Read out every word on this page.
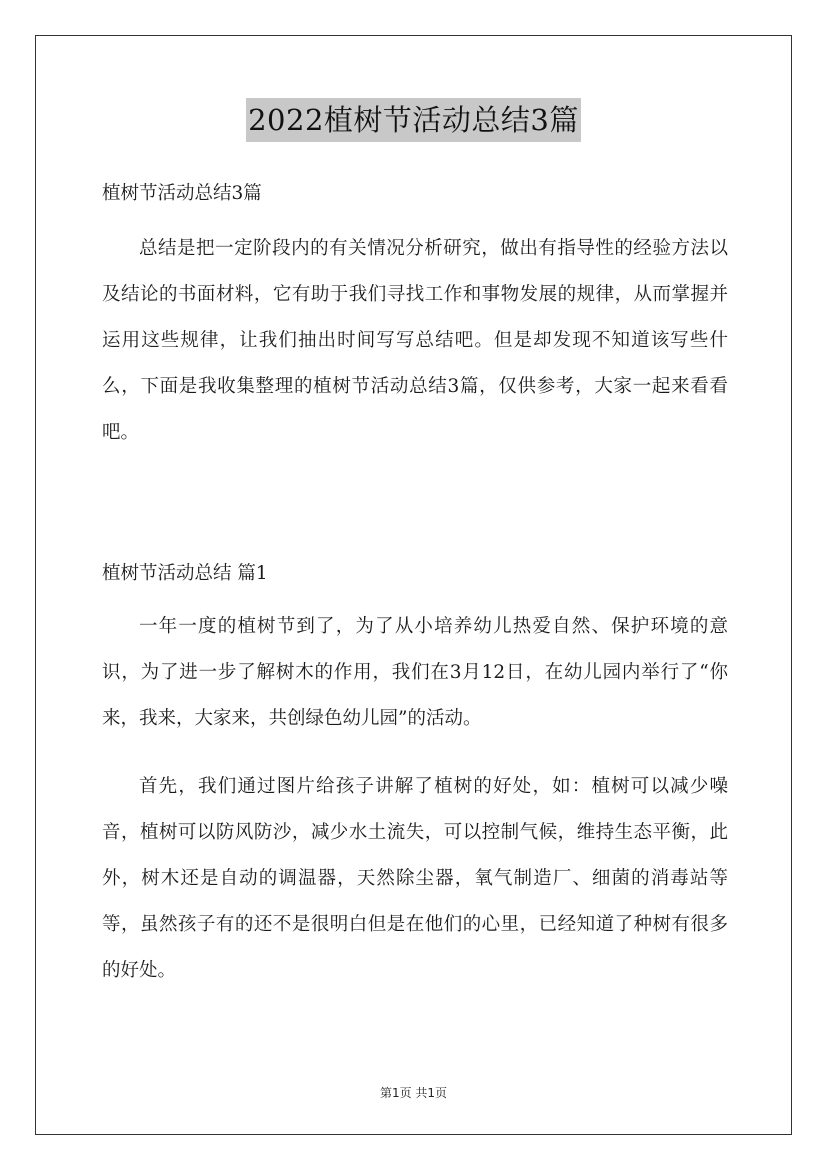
2022植树节活动总结3篇
植树节活动总结3篇
总结是把一定阶段内的有关情况分析研究，做出有指导性的经验方法以及结论的书面材料，它有助于我们寻找工作和事物发展的规律，从而掌握并运用这些规律，让我们抽出时间写写总结吧。但是却发现不知道该写些什么，下面是我收集整理的植树节活动总结3篇，仅供参考，大家一起来看看吧。
植树节活动总结 篇1
一年一度的植树节到了，为了从小培养幼儿热爱自然、保护环境的意识，为了进一步了解树木的作用，我们在3月12日，在幼儿园内举行了“你来，我来，大家来，共创绿色幼儿园”的活动。
首先，我们通过图片给孩子讲解了植树的好处，如：植树可以减少噪音，植树可以防风防沙，减少水土流失，可以控制气候，维持生态平衡，此外，树木还是自动的调温器，天然除尘器，氧气制造厂、细菌的消毒站等等，虽然孩子有的还不是很明白但是在他们的心里，已经知道了种树有很多的好处。
第1页 共1页
